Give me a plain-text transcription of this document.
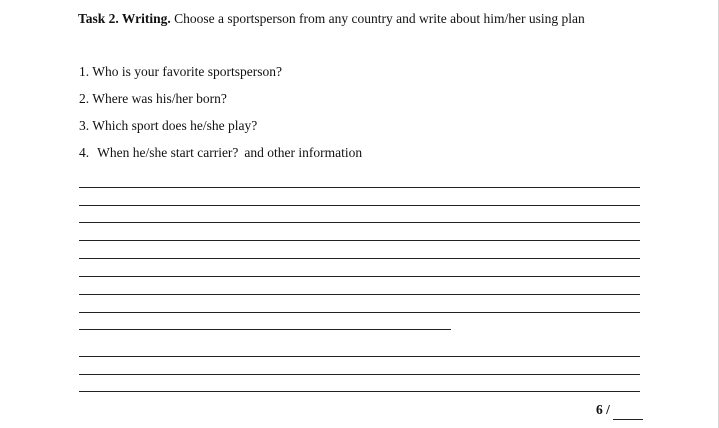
Task 2. Writing. Choose a sportsperson from any country and write about him/her using plan
1. Who is your favorite sportsperson?
2. Where was his/her born?
3. Which sport does he/she play?
4. When he/she start carrier? and other information
6 /
